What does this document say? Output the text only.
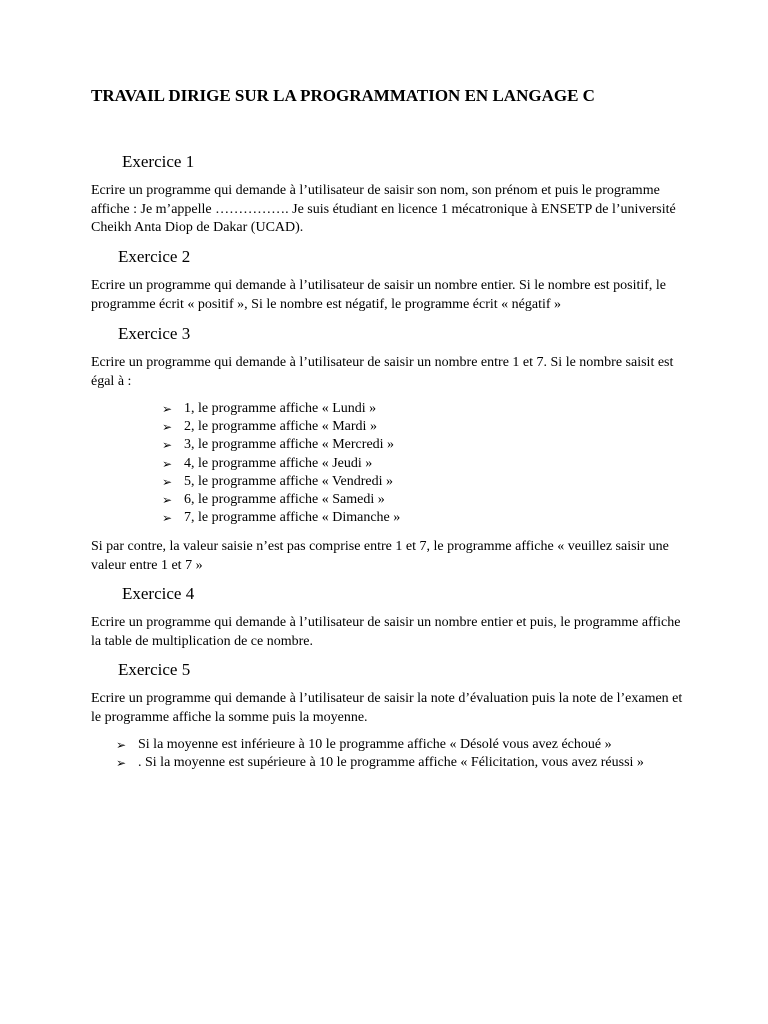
TRAVAIL DIRIGE SUR LA PROGRAMMATION EN LANGAGE C
Exercice 1

Ecrire un programme qui demande à l’utilisateur de saisir son nom, son prénom et puis le programme affiche : Je m’appelle ……………. Je suis étudiant en licence 1 mécatronique à ENSETP de l’université Cheikh Anta Diop de Dakar (UCAD).

Exercice 2

Ecrire un programme qui demande à l’utilisateur de saisir un nombre entier. Si le nombre est positif, le programme écrit « positif », Si le nombre est négatif, le programme écrit « négatif »

Exercice 3

Ecrire un programme qui demande à l’utilisateur de saisir un nombre entre 1 et 7. Si le nombre saisit est égal à :

➢ 1, le programme affiche « Lundi »
➢ 2, le programme affiche « Mardi »
➢ 3, le programme affiche « Mercredi »
➢ 4, le programme affiche « Jeudi »
➢ 5, le programme affiche « Vendredi »
➢ 6, le programme affiche « Samedi »
➢ 7, le programme affiche « Dimanche »

Si par contre, la valeur saisie n’est pas comprise entre 1 et 7, le programme affiche « veuillez saisir une valeur entre 1 et 7 »

Exercice 4

Ecrire un programme qui demande à l’utilisateur de saisir un nombre entier et puis, le programme affiche la table de multiplication de ce nombre.

Exercice 5

Ecrire un programme qui demande à l’utilisateur de saisir la note d’évaluation puis la note de l’examen et le programme affiche la somme puis la moyenne.

➢ Si la moyenne est inférieure à 10 le programme affiche « Désolé vous avez échoué »
➢ . Si la moyenne est supérieure à 10 le programme affiche « Félicitation, vous avez réussi »
